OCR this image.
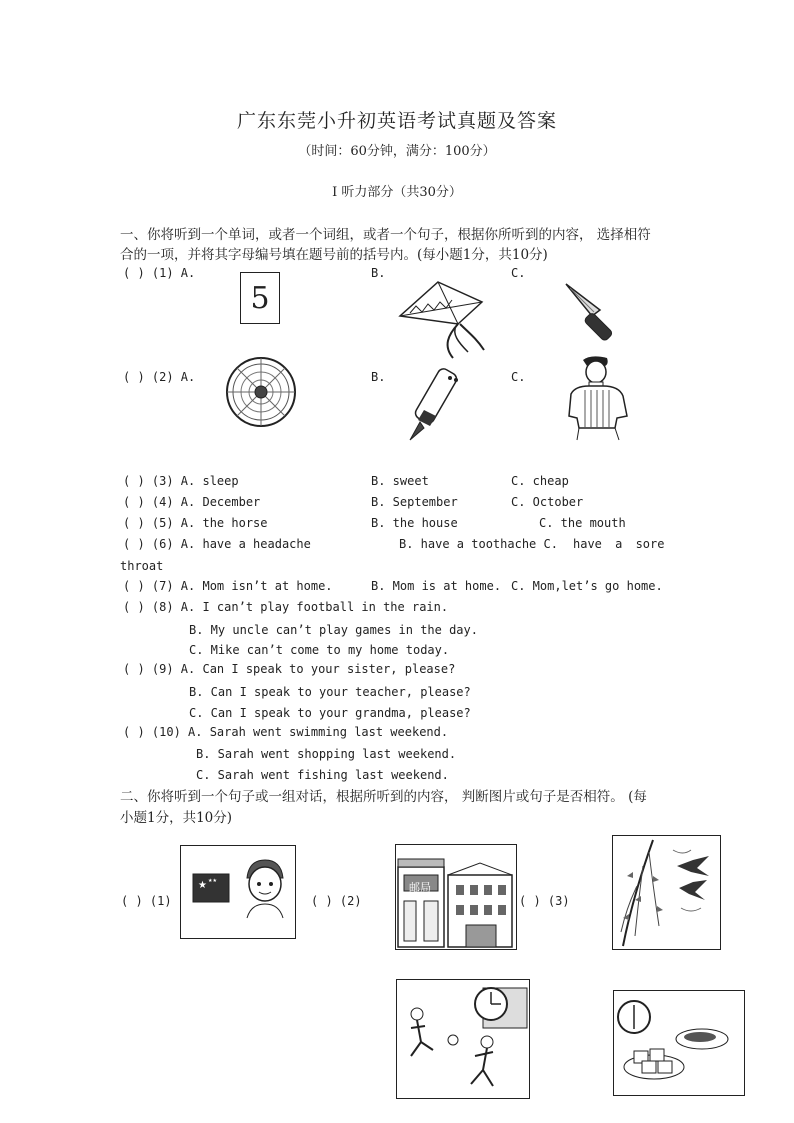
广东东莞小升初英语考试真题及答案
（时间：60分钟，满分：100分）
I 听力部分（共30分）
一、你将听到一个单词，或者一个词组，或者一个句子，根据你所听到的内容， 选择相符
合的一项，并将其字母编号填在题号前的括号内。(每小题1分，共10分)
( ) (1) A.	B.	C.
5
( ) (2) A.	B.	C.
( ) (3) A. sleep	B. sweet	C. cheap
( ) (4) A. December	B. September	C. October
( ) (5) A. the horse	B. the house	C. the mouth
( ) (6) A. have a headache	B. have a toothache C. have a sore
throat
( ) (7) A. Mom isn’t at home.	B. Mom is at home. C. Mom,let’s go home.
( ) (8) A. I can’t play football in the rain.
B. My uncle can’t play games in the day.
C. Mike can’t come to my home today.
( ) (9) A. Can I speak to your sister, please?
B. Can I speak to your teacher, please?
C. Can I speak to your grandma, please?
( ) (10) A. Sarah went swimming last weekend.
B. Sarah went shopping last weekend.
C. Sarah went fishing last weekend.
二、你将听到一个句子或一组对话，根据所听到的内容， 判断图片或句子是否相符。 (每
小题1分，共10分)
( ) (1)
★ ★★
( ) (2)
邮局
( ) (3)
